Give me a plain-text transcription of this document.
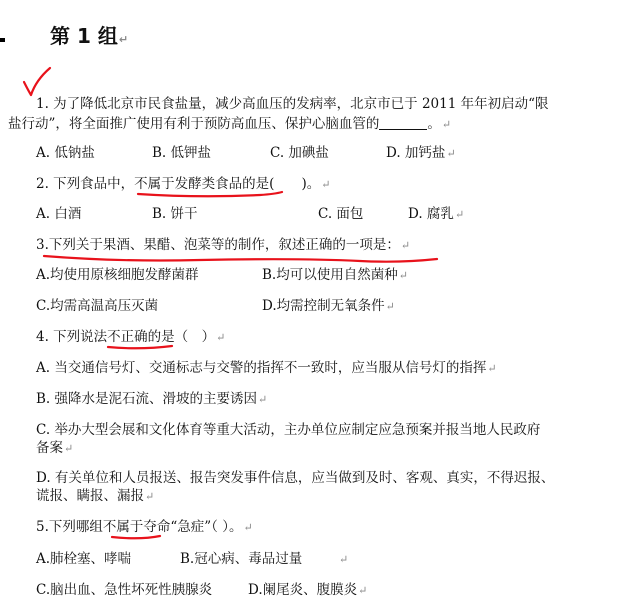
第 1 组↵
1. 为了降低北京市民食盐量，减少高血压的发病率，北京市已于 2011 年年初启动“限
盐行动”，将全面推广使用有利于预防高血压、保护心脑血管的	。↵
A. 低钠盐	B. 低钾盐	C. 加碘盐	D. 加钙盐↵
2. 下列食品中，不属于发酵类食品的是(　　)。↵
A. 白酒	B. 饼干	C. 面包	D. 腐乳↵
3.下列关于果酒、果醋、泡菜等的制作，叙述正确的一项是：↵
A.均使用原核细胞发酵菌群	B.均可以使用自然菌种↵
C.均需高温高压灭菌	D.均需控制无氧条件↵
4. 下列说法不正确的是（　）↵
A. 当交通信号灯、交通标志与交警的指挥不一致时，应当服从信号灯的指挥↵
B. 强降水是泥石流、滑坡的主要诱因↵
C. 举办大型会展和文化体育等重大活动，主办单位应制定应急预案并报当地人民政府
备案↵
D. 有关单位和人员报送、报告突发事件信息，应当做到及时、客观、真实，不得迟报、
谎报、瞒报、漏报↵
5.下列哪组不属于夺命“急症”（ ）。↵
A.肺栓塞、哮喘	B.冠心病、毒品过量	↵
C.脑出血、急性坏死性胰腺炎	D.阑尾炎、腹膜炎↵
